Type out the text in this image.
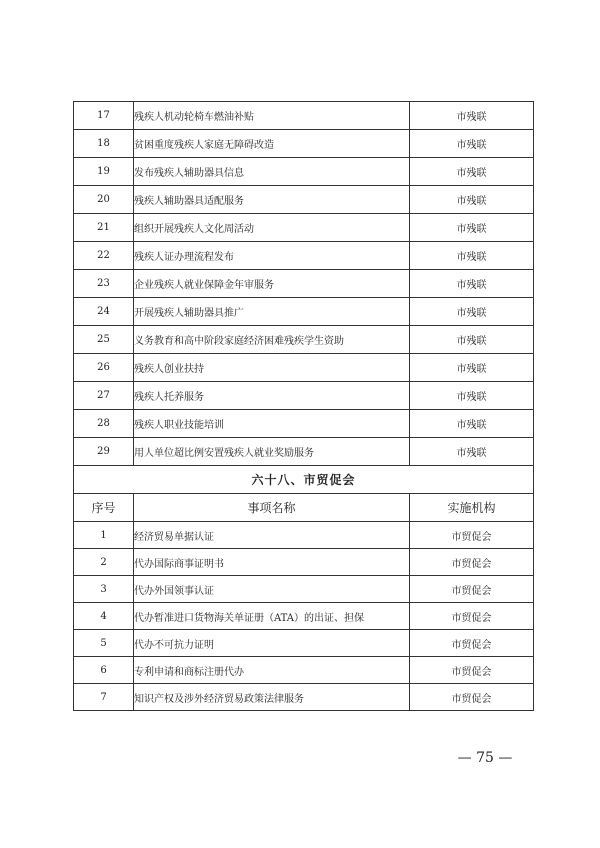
17	残疾人机动轮椅车燃油补贴	市残联
18	贫困重度残疾人家庭无障碍改造	市残联
19	发布残疾人辅助器具信息	市残联
20	残疾人辅助器具适配服务	市残联
21	组织开展残疾人文化周活动	市残联
22	残疾人证办理流程发布	市残联
23	企业残疾人就业保障金年审服务	市残联
24	开展残疾人辅助器具推广	市残联
25	义务教育和高中阶段家庭经济困难残疾学生资助	市残联
26	残疾人创业扶持	市残联
27	残疾人托养服务	市残联
28	残疾人职业技能培训	市残联
29	用人单位超比例安置残疾人就业奖励服务	市残联
六十八、市贸促会		
序号	事项名称	实施机构
1	经济贸易单据认证	市贸促会
2	代办国际商事证明书	市贸促会
3	代办外国领事认证	市贸促会
4	代办暂准进口货物海关单证册（ATA）的出证、担保	市贸促会
5	代办不可抗力证明	市贸促会
6	专利申请和商标注册代办	市贸促会
7	知识产权及涉外经济贸易政策法律服务	市贸促会
— 75 —
